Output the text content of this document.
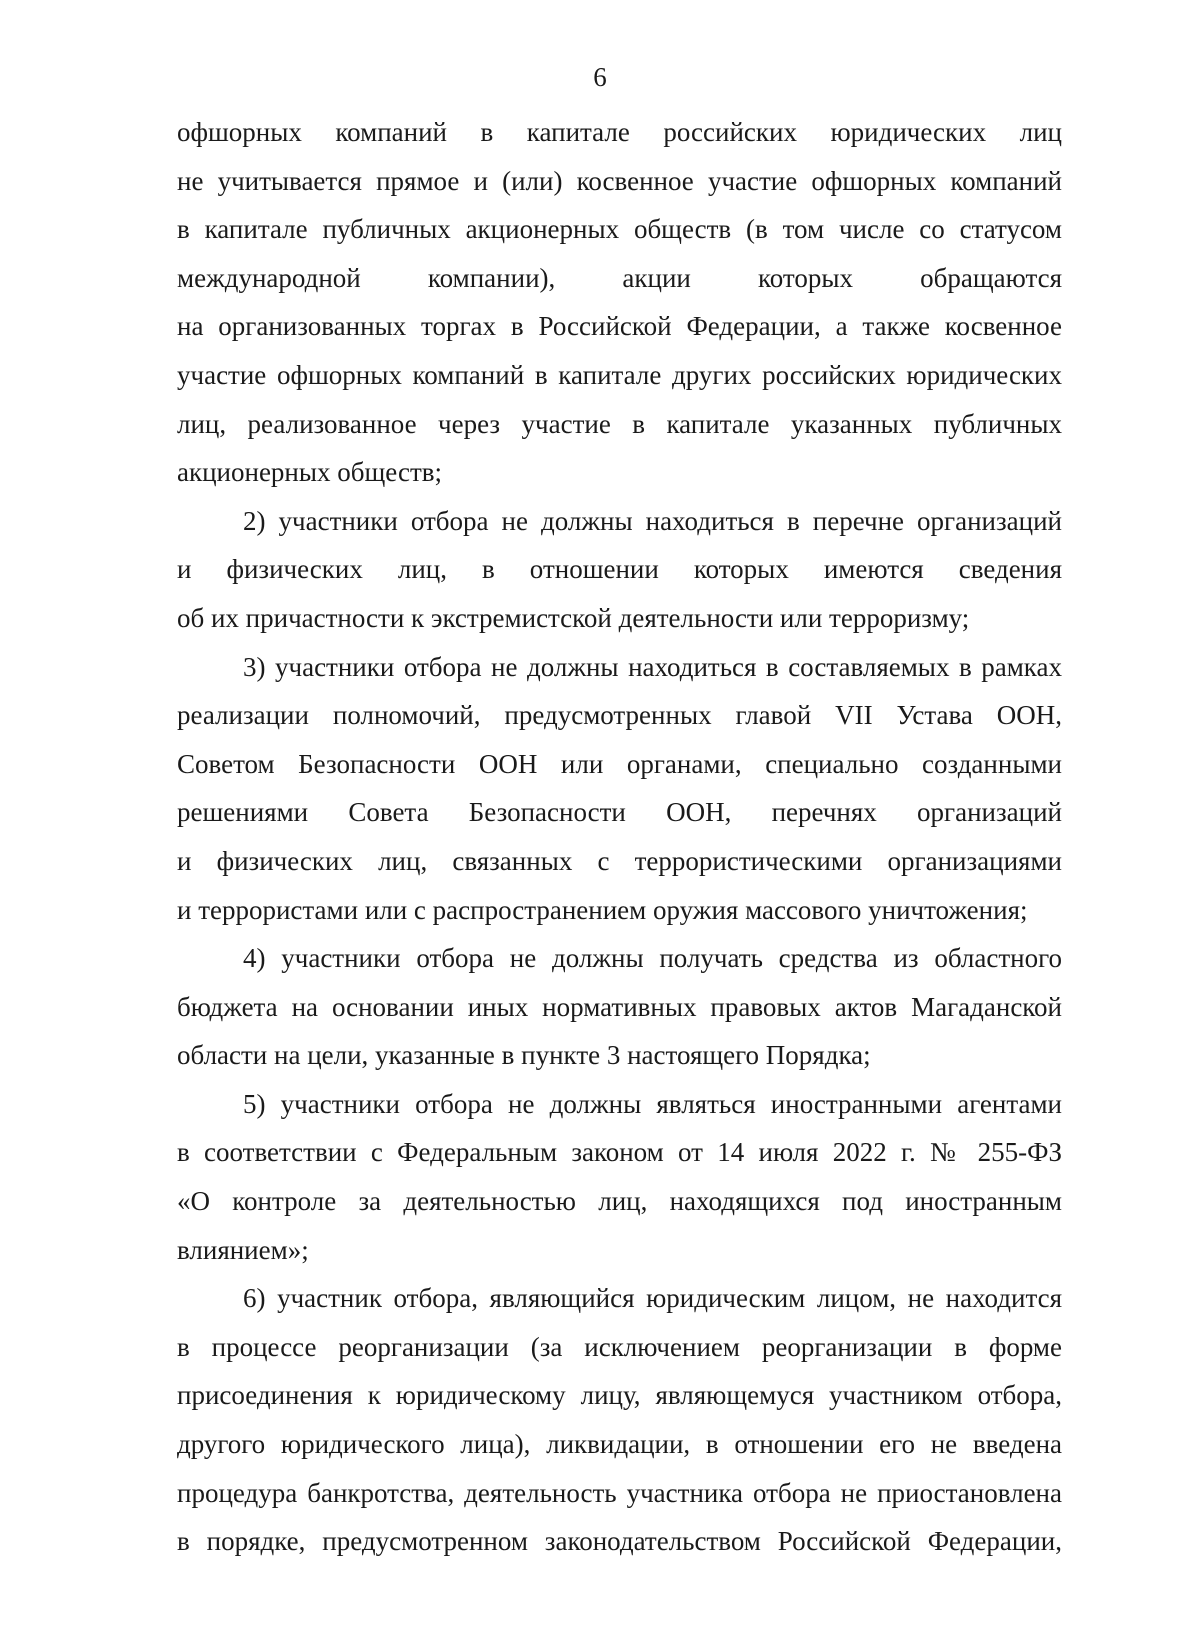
6
офшорных компаний в капитале российских юридических лиц
не учитывается прямое и (или) косвенное участие офшорных компаний
в капитале публичных акционерных обществ (в том числе со статусом
международной компании), акции которых обращаются
на организованных торгах в Российской Федерации, а также косвенное
участие офшорных компаний в капитале других российских юридических
лиц, реализованное через участие в капитале указанных публичных
акционерных обществ;
2) участники отбора не должны находиться в перечне организаций
и физических лиц, в отношении которых имеются сведения
об их причастности к экстремистской деятельности или терроризму;
3) участники отбора не должны находиться в составляемых в рамках
реализации полномочий, предусмотренных главой VII Устава ООН,
Советом Безопасности ООН или органами, специально созданными
решениями Совета Безопасности ООН, перечнях организаций
и физических лиц, связанных с террористическими организациями
и террористами или с распространением оружия массового уничтожения;
4) участники отбора не должны получать средства из областного
бюджета на основании иных нормативных правовых актов Магаданской
области на цели, указанные в пункте 3 настоящего Порядка;
5) участники отбора не должны являться иностранными агентами
в соответствии с Федеральным законом от 14 июля 2022 г. № 255-ФЗ
«О контроле за деятельностью лиц, находящихся под иностранным
влиянием»;
6) участник отбора, являющийся юридическим лицом, не находится
в процессе реорганизации (за исключением реорганизации в форме
присоединения к юридическому лицу, являющемуся участником отбора,
другого юридического лица), ликвидации, в отношении его не введена
процедура банкротства, деятельность участника отбора не приостановлена
в порядке, предусмотренном законодательством Российской Федерации,
